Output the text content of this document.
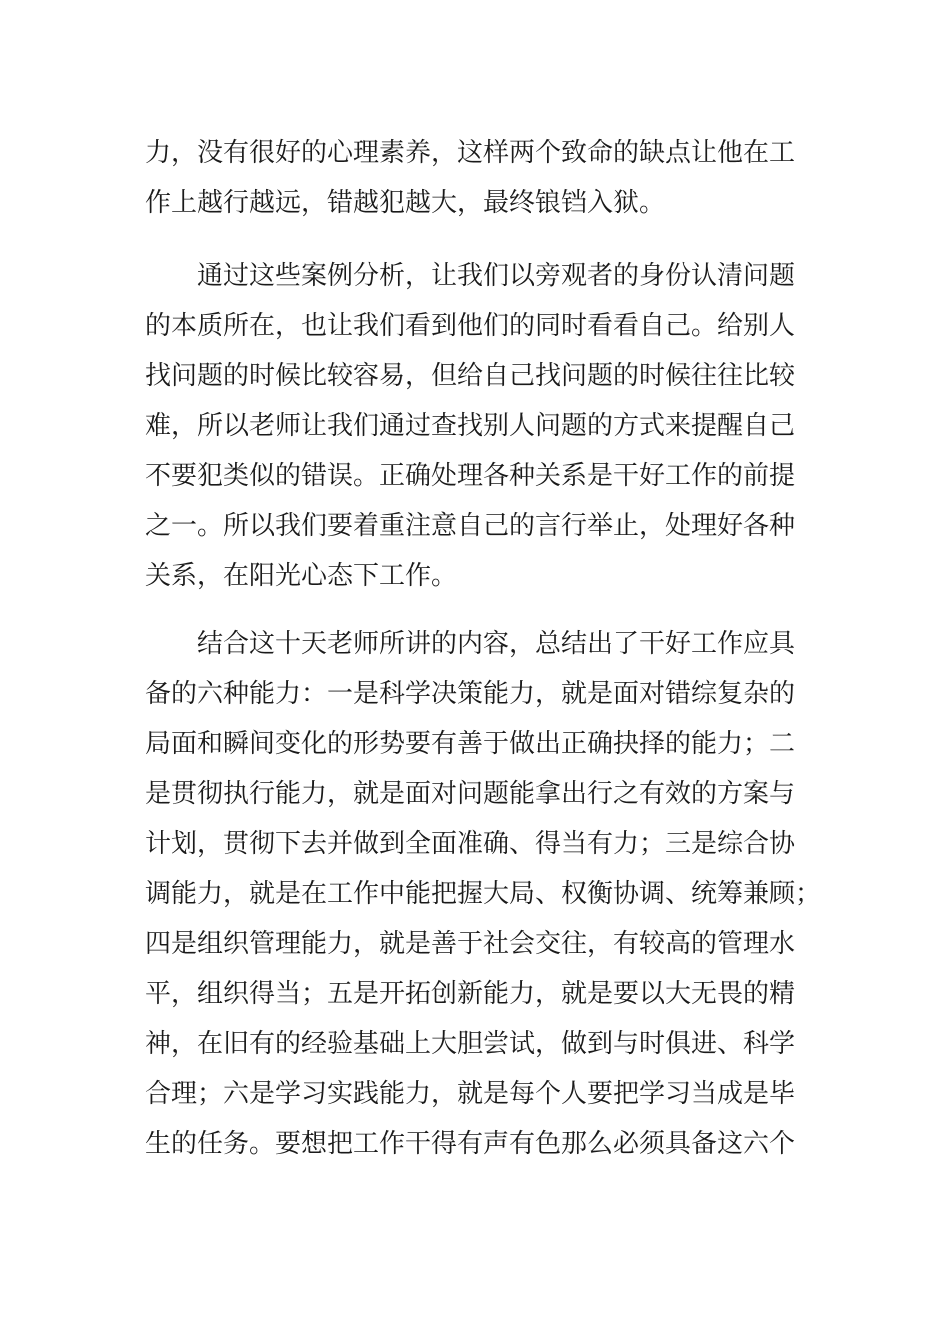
力，没有很好的心理素养，这样两个致命的缺点让他在工
作上越行越远，错越犯越大，最终锒铛入狱。
　　通过这些案例分析，让我们以旁观者的身份认清问题
的本质所在，也让我们看到他们的同时看看自己。给别人
找问题的时候比较容易，但给自己找问题的时候往往比较
难，所以老师让我们通过查找别人问题的方式来提醒自己
不要犯类似的错误。正确处理各种关系是干好工作的前提
之一。所以我们要着重注意自己的言行举止，处理好各种
关系，在阳光心态下工作。
　　结合这十天老师所讲的内容，总结出了干好工作应具
备的六种能力：一是科学决策能力，就是面对错综复杂的
局面和瞬间变化的形势要有善于做出正确抉择的能力；二
是贯彻执行能力，就是面对问题能拿出行之有效的方案与
计划，贯彻下去并做到全面准确、得当有力；三是综合协
调能力，就是在工作中能把握大局、权衡协调、统筹兼顾；
四是组织管理能力，就是善于社会交往，有较高的管理水
平，组织得当；五是开拓创新能力，就是要以大无畏的精
神，在旧有的经验基础上大胆尝试，做到与时俱进、科学
合理；六是学习实践能力，就是每个人要把学习当成是毕
生的任务。要想把工作干得有声有色那么必须具备这六个
